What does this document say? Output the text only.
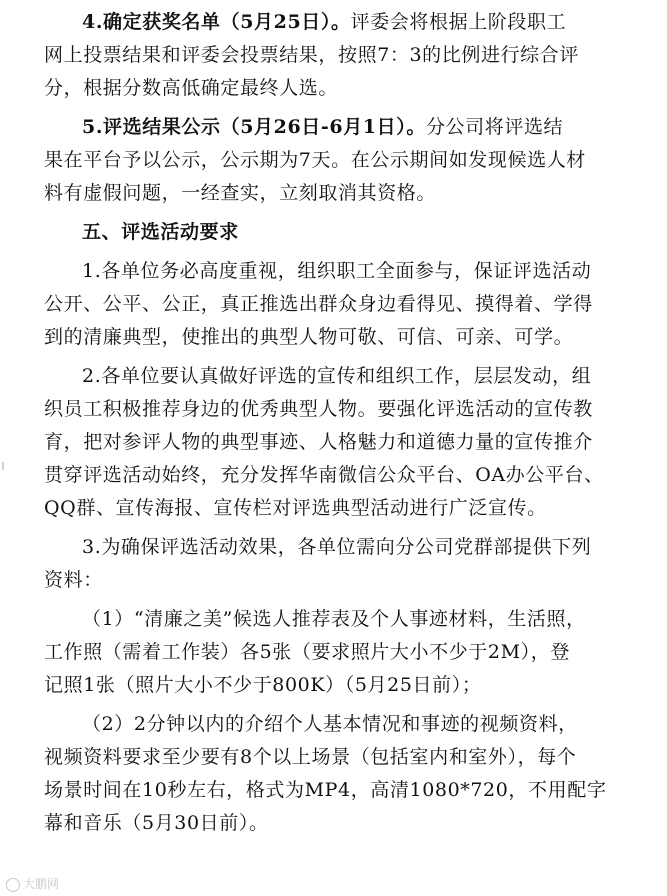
4.确定获奖名单（5月25日）。评委会将根据上阶段职工
网上投票结果和评委会投票结果，按照7：3的比例进行综合评
分，根据分数高低确定最终人选。
5.评选结果公示（5月26日-6月1日）。分公司将评选结
果在平台予以公示，公示期为7天。在公示期间如发现候选人材
料有虚假问题，一经查实，立刻取消其资格。
五、评选活动要求
1.各单位务必高度重视，组织职工全面参与，保证评选活动
公开、公平、公正，真正推选出群众身边看得见、摸得着、学得
到的清廉典型，使推出的典型人物可敬、可信、可亲、可学。
2.各单位要认真做好评选的宣传和组织工作，层层发动，组
织员工积极推荐身边的优秀典型人物。要强化评选活动的宣传教
育，把对参评人物的典型事迹、人格魅力和道德力量的宣传推介
贯穿评选活动始终，充分发挥华南微信公众平台、OA办公平台、
QQ群、宣传海报、宣传栏对评选典型活动进行广泛宣传。
3.为确保评选活动效果，各单位需向分公司党群部提供下列
资料：
（1）“清廉之美”候选人推荐表及个人事迹材料，生活照，
工作照（需着工作装）各5张（要求照片大小不少于2M），登
记照1张（照片大小不少于800K）（5月25日前）；
（2）2分钟以内的介绍个人基本情况和事迹的视频资料，
视频资料要求至少要有8个以上场景（包括室内和室外），每个
场景时间在10秒左右，格式为MP4，高清1080*720，不用配字
幕和音乐（5月30日前）。
大鹏网
